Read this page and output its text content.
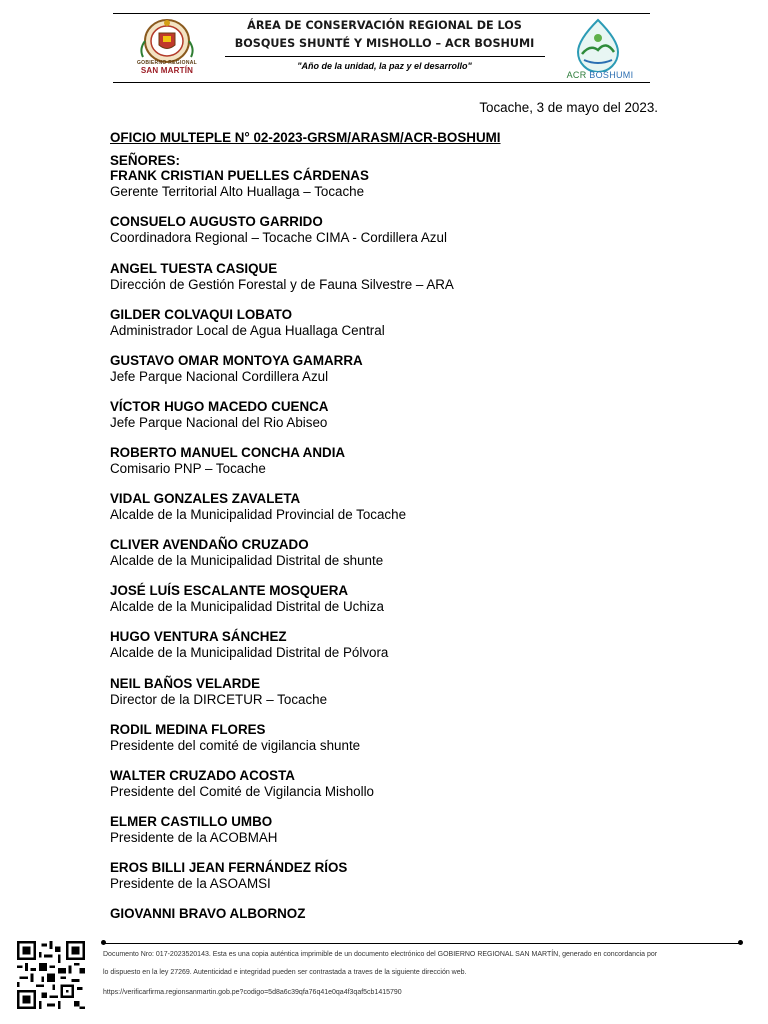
GOBIERNO REGIONAL
SAN MARTÍN
ÁREA DE CONSERVACIÓN REGIONAL DE LOS
BOSQUES SHUNTÉ Y MISHOLLO – ACR BOSHUMI
"Año de la unidad, la paz y el desarrollo"
ACR BOSHUMI
Tocache, 3 de mayo del 2023.
OFICIO MULTEPLE N° 02-2023-GRSM/ARASM/ACR-BOSHUMI
SEÑORES:
FRANK CRISTIAN PUELLES CÁRDENAS
Gerente Territorial Alto Huallaga – Tocache
CONSUELO AUGUSTO GARRIDO
Coordinadora Regional – Tocache CIMA - Cordillera Azul
ANGEL TUESTA CASIQUE
Dirección de Gestión Forestal y de Fauna Silvestre – ARA
GILDER COLVAQUI LOBATO
Administrador Local de Agua Huallaga Central
GUSTAVO OMAR MONTOYA GAMARRA
Jefe Parque Nacional Cordillera Azul
VÍCTOR HUGO MACEDO CUENCA
Jefe Parque Nacional del Rio Abiseo
ROBERTO MANUEL CONCHA ANDIA
Comisario PNP – Tocache
VIDAL GONZALES ZAVALETA
Alcalde de la Municipalidad Provincial de Tocache
CLIVER AVENDAÑO CRUZADO
Alcalde de la Municipalidad Distrital de shunte
JOSÉ LUÍS ESCALANTE MOSQUERA
Alcalde de la Municipalidad Distrital de Uchiza
HUGO VENTURA SÁNCHEZ
Alcalde de la Municipalidad Distrital de Pólvora
NEIL BAÑOS VELARDE
Director de la DIRCETUR – Tocache
RODIL MEDINA FLORES
Presidente del comité de vigilancia shunte
WALTER CRUZADO ACOSTA
Presidente del Comité de Vigilancia Mishollo
ELMER CASTILLO UMBO
Presidente de la ACOBMAH
EROS BILLI JEAN FERNÁNDEZ RÍOS
Presidente de la ASOAMSI
GIOVANNI BRAVO ALBORNOZ
Documento Nro: 017-2023520143. Esta es una copia auténtica imprimible de un documento electrónico del GOBIERNO REGIONAL SAN MARTÍN, generado en concordancia por
lo dispuesto en la ley 27269. Autenticidad e integridad pueden ser contrastada a traves de la siguiente dirección web.
https://verificarfirma.regionsanmartin.gob.pe?codigo=5d8a6c39qfa76q41e0qa4f3qaf5cb1415790
